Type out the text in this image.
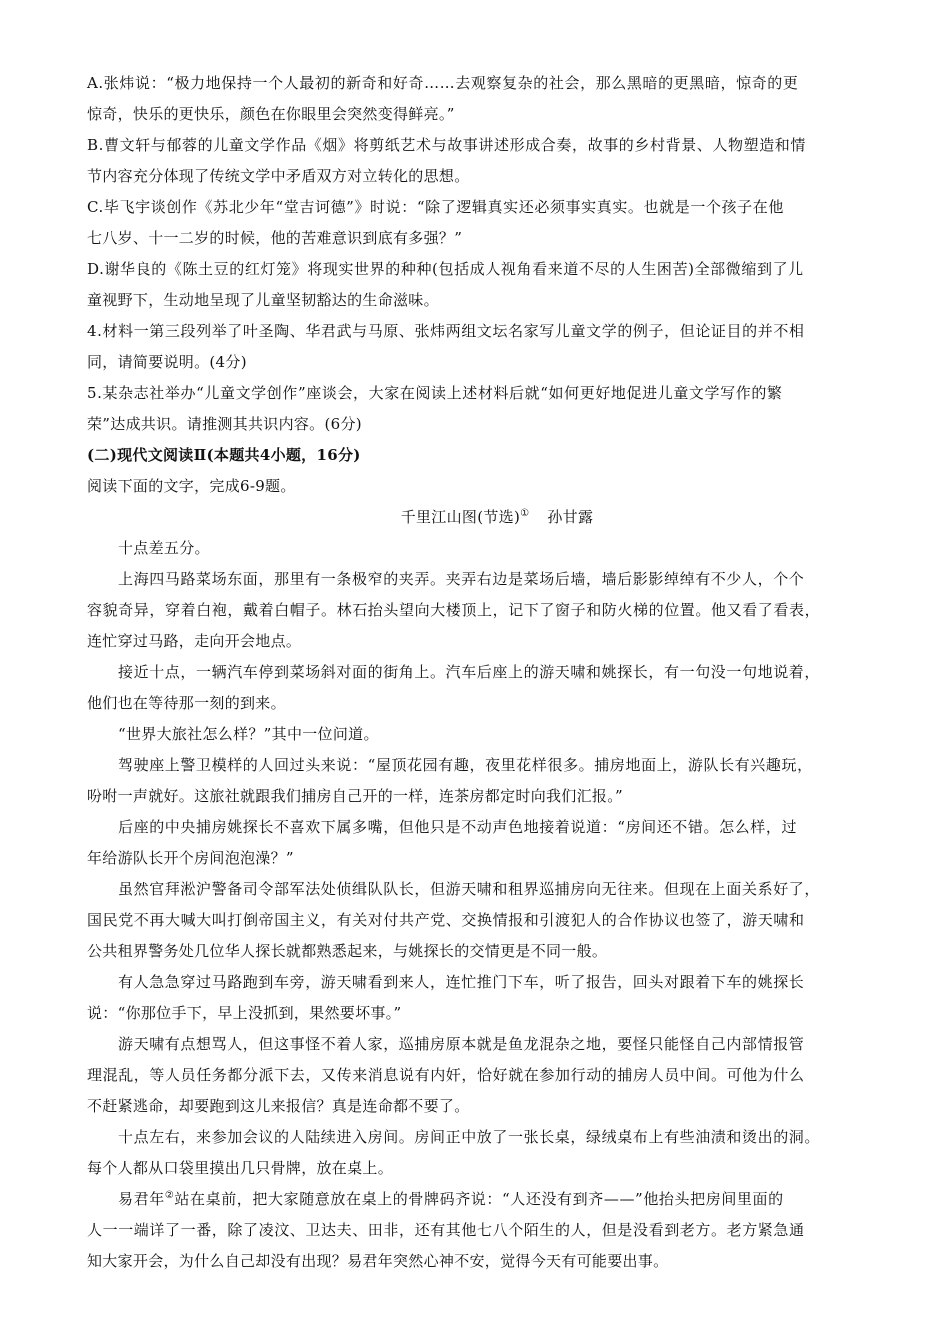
A.张炜说：“极力地保持一个人最初的新奇和好奇……去观察复杂的社会，那么黑暗的更黑暗，惊奇的更
惊奇，快乐的更快乐，颜色在你眼里会突然变得鲜亮。”
B.曹文轩与郁蓉的儿童文学作品《烟》将剪纸艺术与故事讲述形成合奏，故事的乡村背景、人物塑造和情
节内容充分体现了传统文学中矛盾双方对立转化的思想。
C.毕飞宇谈创作《苏北少年“堂吉诃德”》时说：“除了逻辑真实还必须事实真实。也就是一个孩子在他
七八岁、十一二岁的时候，他的苦难意识到底有多强？”
D.谢华良的《陈土豆的红灯笼》将现实世界的种种(包括成人视角看来道不尽的人生困苦)全部微缩到了儿
童视野下，生动地呈现了儿童坚韧豁达的生命滋味。
4.材料一第三段列举了叶圣陶、华君武与马原、张炜两组文坛名家写儿童文学的例子，但论证目的并不相
同，请简要说明。(4分)
5.某杂志社举办“儿童文学创作”座谈会，大家在阅读上述材料后就“如何更好地促进儿童文学写作的繁
荣”达成共识。请推测其共识内容。(6分)
(二)现代文阅读Ⅱ(本题共4小题，16分)
阅读下面的文字，完成6-9题。
千里江山图(节选)① 孙甘露
十点差五分。
上海四马路菜场东面，那里有一条极窄的夹弄。夹弄右边是菜场后墙，墙后影影绰绰有不少人，个个
容貌奇异，穿着白袍，戴着白帽子。林石抬头望向大楼顶上，记下了窗子和防火梯的位置。他又看了看表，
连忙穿过马路，走向开会地点。
接近十点，一辆汽车停到菜场斜对面的街角上。汽车后座上的游天啸和姚探长，有一句没一句地说着，
他们也在等待那一刻的到来。
“世界大旅社怎么样？”其中一位问道。
驾驶座上警卫模样的人回过头来说：“屋顶花园有趣，夜里花样很多。捕房地面上，游队长有兴趣玩，
吩咐一声就好。这旅社就跟我们捕房自己开的一样，连茶房都定时向我们汇报。”
后座的中央捕房姚探长不喜欢下属多嘴，但他只是不动声色地接着说道：“房间还不错。怎么样，过
年给游队长开个房间泡泡澡？”
虽然官拜淞沪警备司令部军法处侦缉队队长，但游天啸和租界巡捕房向无往来。但现在上面关系好了，
国民党不再大喊大叫打倒帝国主义，有关对付共产党、交换情报和引渡犯人的合作协议也签了，游天啸和
公共租界警务处几位华人探长就都熟悉起来，与姚探长的交情更是不同一般。
有人急急穿过马路跑到车旁，游天啸看到来人，连忙推门下车，听了报告，回头对跟着下车的姚探长
说：“你那位手下，早上没抓到，果然要坏事。”
游天啸有点想骂人，但这事怪不着人家，巡捕房原本就是鱼龙混杂之地，要怪只能怪自己内部情报管
理混乱，等人员任务都分派下去，又传来消息说有内奸，恰好就在参加行动的捕房人员中间。可他为什么
不赶紧逃命，却要跑到这儿来报信？真是连命都不要了。
十点左右，来参加会议的人陆续进入房间。房间正中放了一张长桌，绿绒桌布上有些油渍和烫出的洞。
每个人都从口袋里摸出几只骨牌，放在桌上。
易君年②站在桌前，把大家随意放在桌上的骨牌码齐说：“人还没有到齐——”他抬头把房间里面的
人一一端详了一番，除了凌汶、卫达夫、田非，还有其他七八个陌生的人，但是没看到老方。老方紧急通
知大家开会，为什么自己却没有出现？易君年突然心神不安，觉得今天有可能要出事。
